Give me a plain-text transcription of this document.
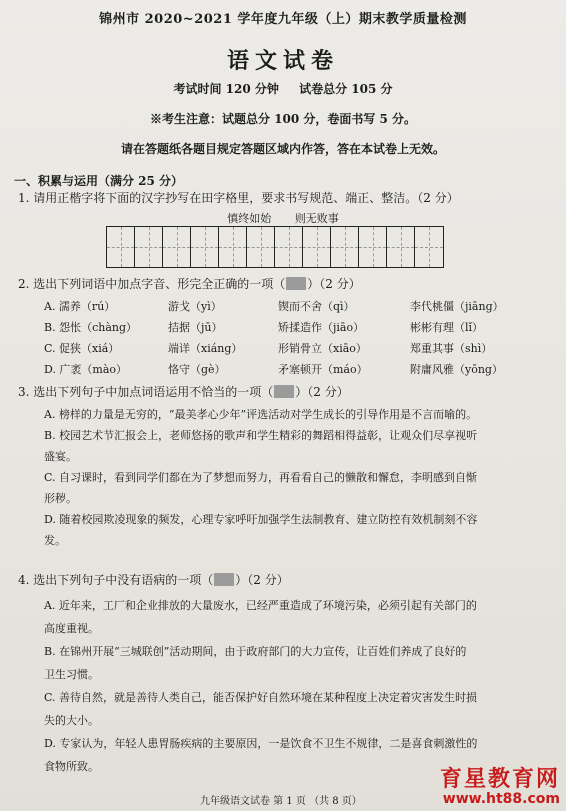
锦州市 2020~2021 学年度九年级（上）期末教学质量检测
语文试卷
考试时间 120 分钟 试卷总分 105 分
※考生注意：试题总分 100 分，卷面书写 5 分。
请在答题纸各题目规定答题区域内作答，答在本试卷上无效。
一、积累与运用（满分 25 分）
1. 请用正楷字将下面的汉字抄写在田字格里，要求书写规范、端正、整洁。（2 分）
慎终如始 则无败事
2. 选出下列词语中加点字音、形完全正确的一项（ ）（2 分）
A. 濡养（rú）	游戈（yì）	锲而不舍（qì）	李代桃僵（jiāng）
B. 怨怅（chàng）	拮据（jū）	矫揉造作（jiāo）	彬彬有理（lǐ）
C. 促狭（xiá）	端详（xiáng）	形销骨立（xiāo）	郑重其事（shì）
D. 广袤（mào）	恪守（gè）	矛塞顿开（máo）	附庸风雅（yōng）
3. 选出下列句子中加点词语运用不恰当的一项（ ）（2 分）
A. 榜样的力量是无穷的，“最美孝心少年”评选活动对学生成长的引导作用是不言而喻的。
B. 校园艺术节汇报会上，老师悠扬的歌声和学生精彩的舞蹈相得益彰，让观众们尽享视听
盛宴。
C. 自习课时，看到同学们都在为了梦想而努力，再看看自己的懒散和懈怠，李明感到自惭
形秽。
D. 随着校园欺凌现象的频发，心理专家呼吁加强学生法制教育、建立防控有效机制刻不容
发。
4. 选出下列句子中没有语病的一项（ ）（2 分）
A. 近年来，工厂和企业排放的大量废水，已经严重造成了环境污染，必须引起有关部门的
高度重视。
B. 在锦州开展“三城联创”活动期间，由于政府部门的大力宣传，让百姓们养成了良好的
卫生习惯。
C. 善待自然，就是善待人类自己，能否保护好自然环境在某种程度上决定着灾害发生时损
失的大小。
D. 专家认为，年轻人患胃肠疾病的主要原因，一是饮食不卫生不规律，二是喜食刺激性的
食物所致。
九年级语文试卷 第 1 页 （共 8 页）
育星教育网
www.ht88.com
